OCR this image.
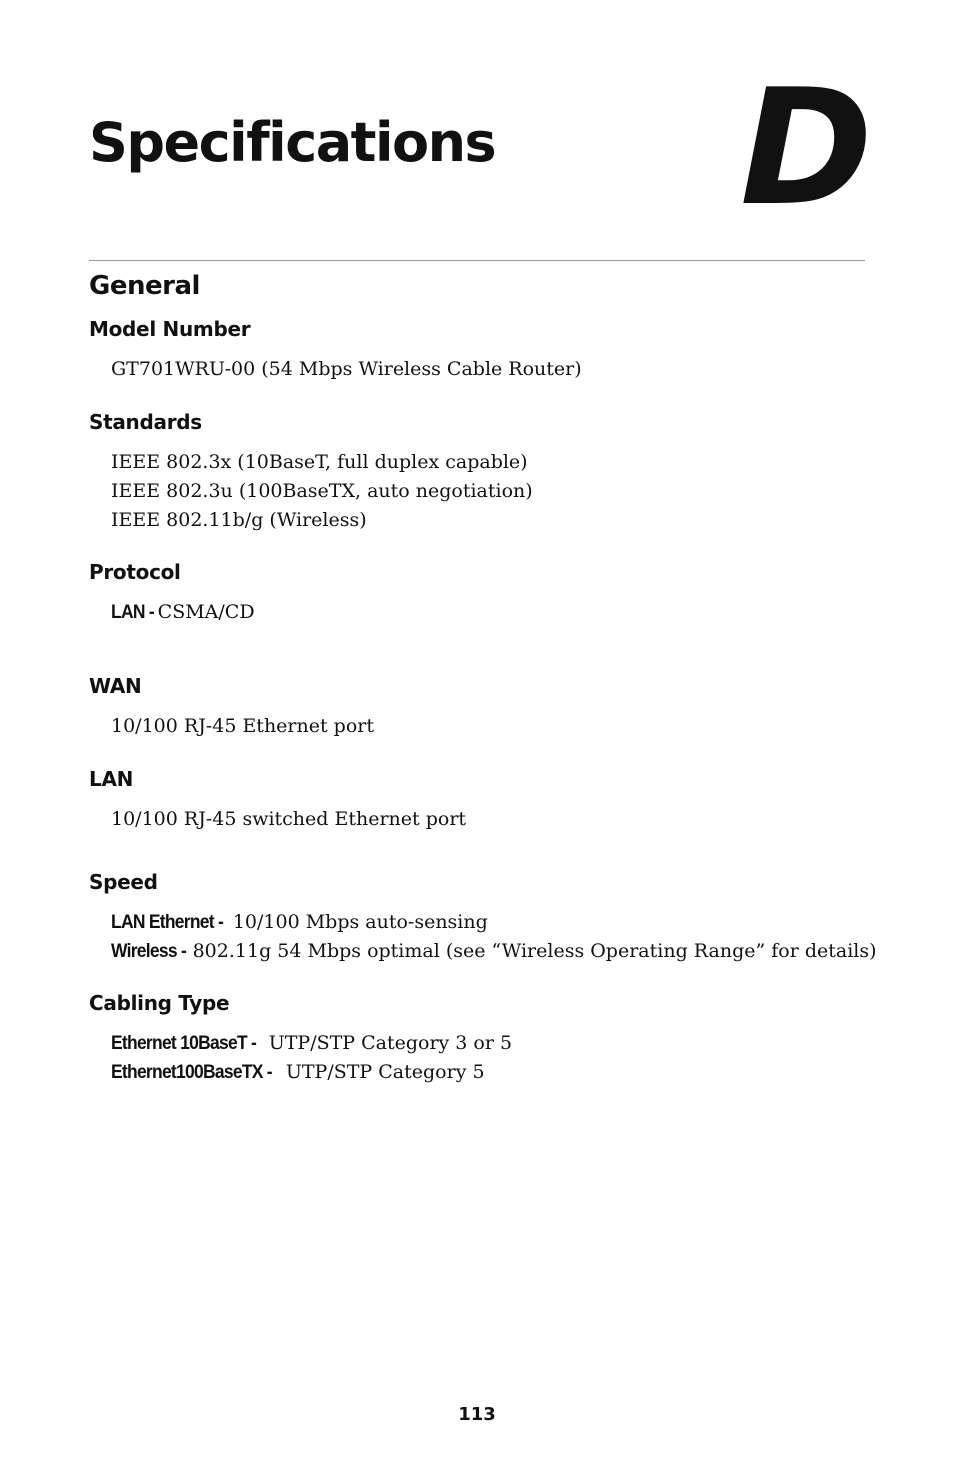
Specifications D
General
Model Number
GT701WRU-00 (54 Mbps Wireless Cable Router)
Standards
IEEE 802.3x (10BaseT, full duplex capable)
IEEE 802.3u (100BaseTX, auto negotiation)
IEEE 802.11b/g (Wireless)
Protocol
LAN -CSMA/CD
WAN
10/100 RJ-45 Ethernet port
LAN
10/100 RJ-45 switched Ethernet port
Speed
LAN Ethernet -10/100 Mbps auto-sensing
Wireless -802.11g 54 Mbps optimal (see “Wireless Operating Range” for details)
Cabling Type
Ethernet 10BaseT -UTP/STP Category 3 or 5
Ethernet100BaseTX -UTP/STP Category 5
113
